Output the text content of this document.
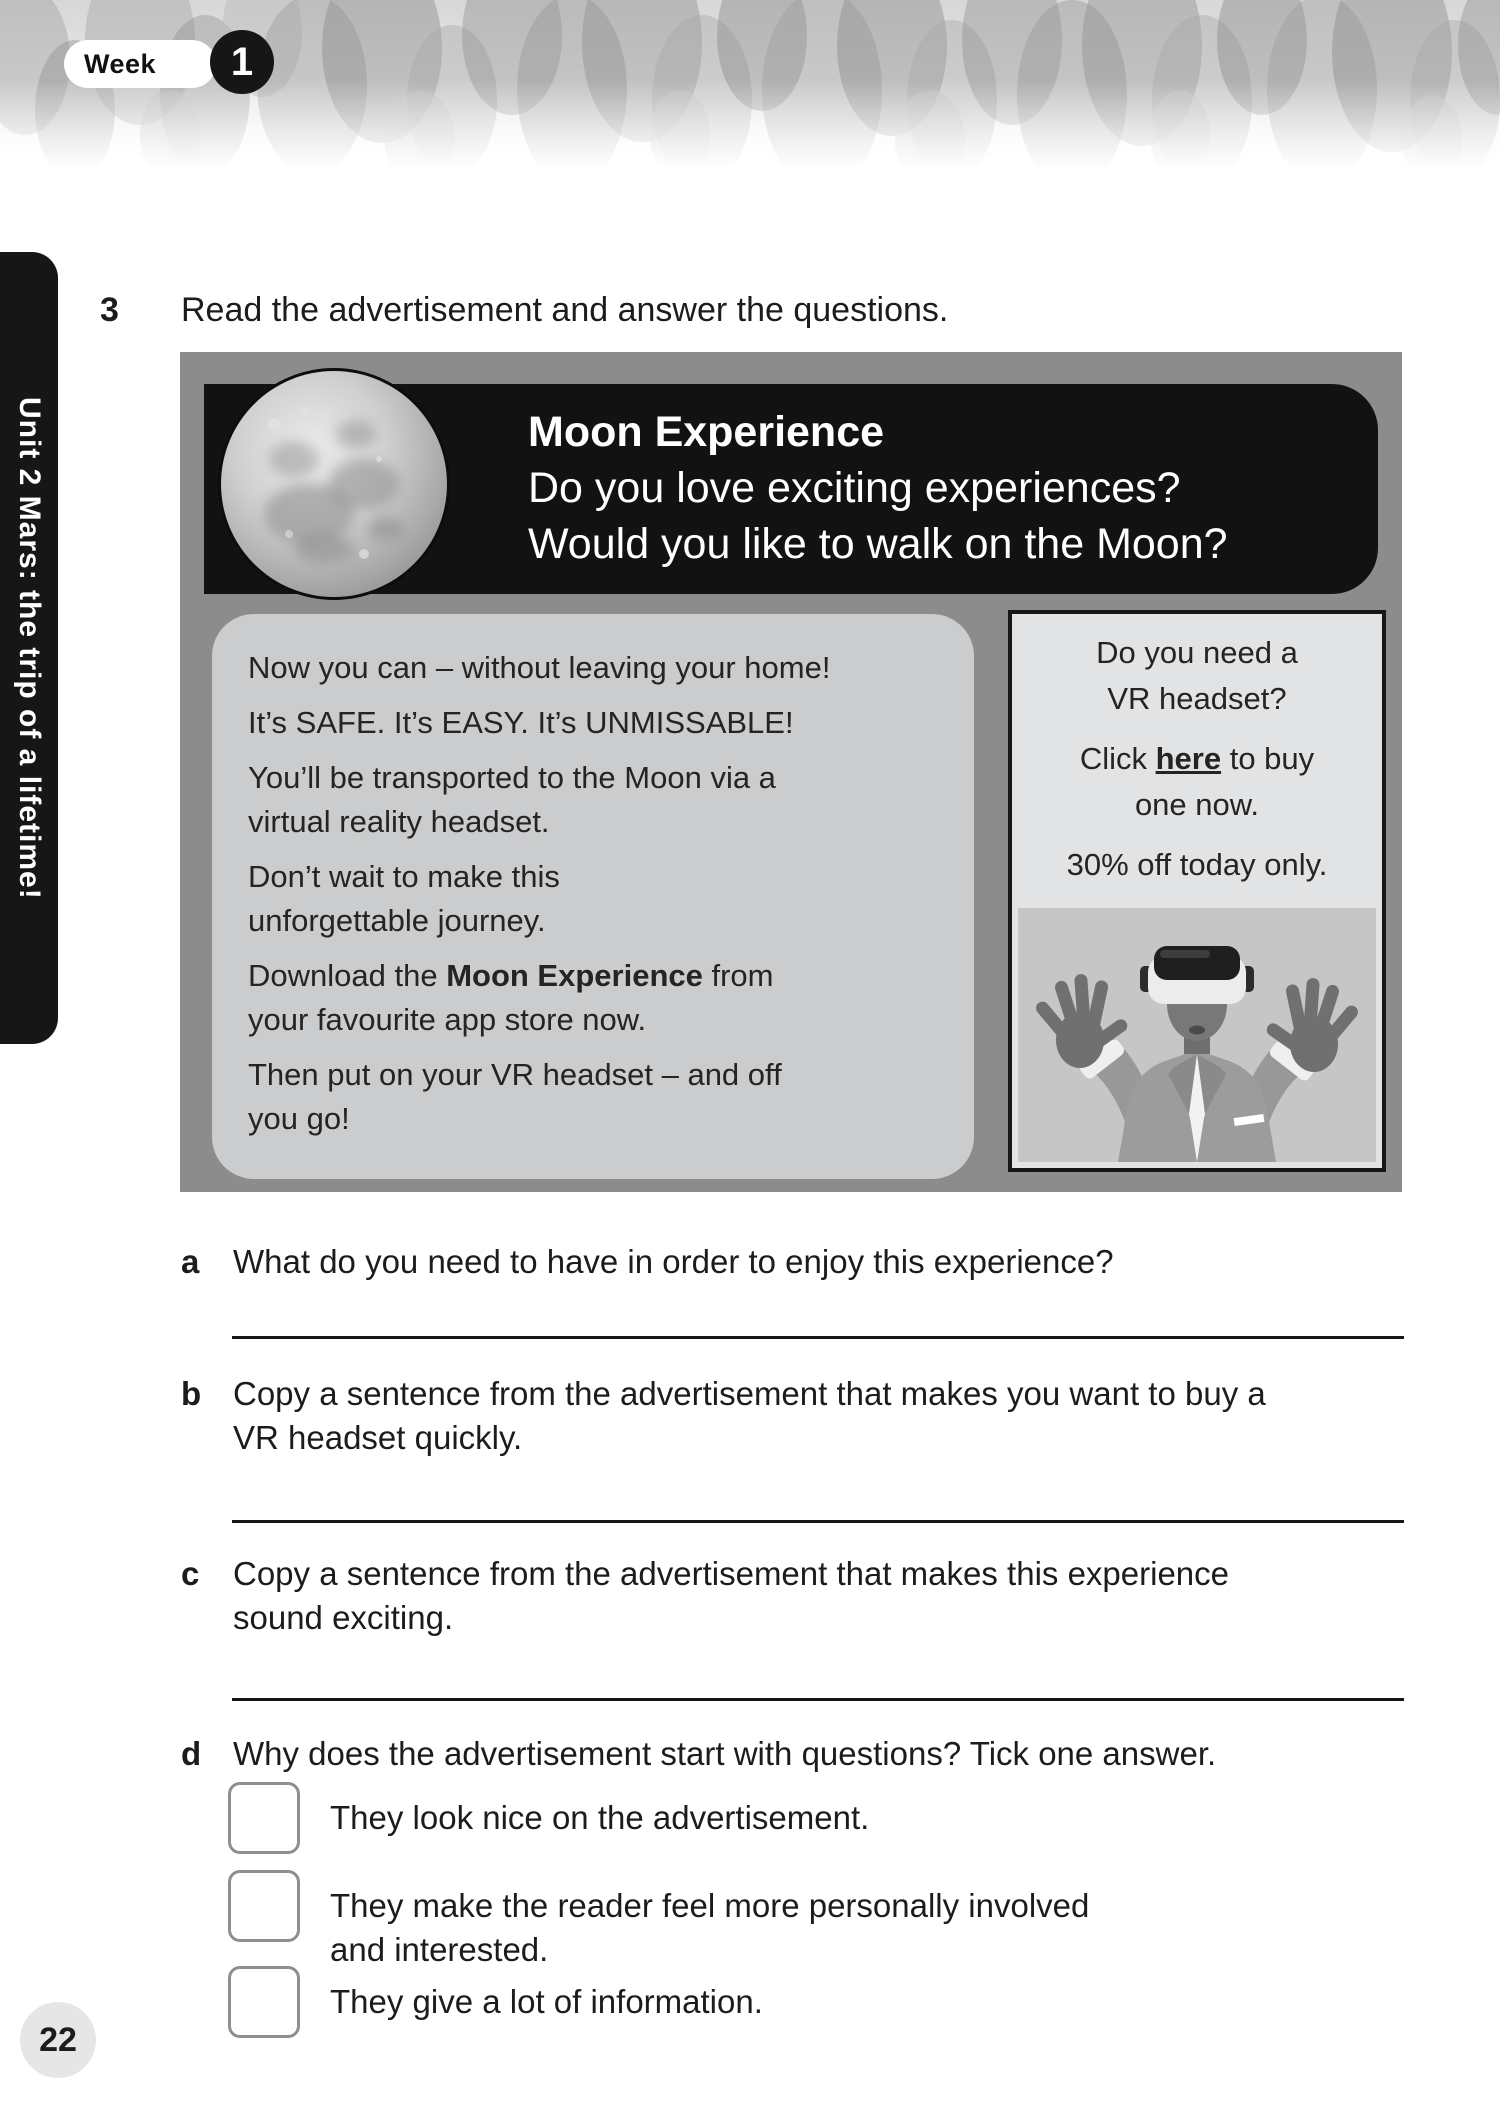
Week	1
Unit 2 Mars: the trip of a lifetime!
3 Read the advertisement and answer the questions.
Moon Experience
Do you love exciting experiences?
Would you like to walk on the Moon?

Now you can – without leaving your home!

It’s SAFE. It’s EASY. It’s UNMISSABLE!

You’ll be transported to the Moon via a
virtual reality headset.

Don’t wait to make this
unforgettable journey.

Download the Moon Experience from
your favourite app store now.

Then put on your VR headset – and off
you go!

Do you need a
VR headset?
Click here to buy
one now.
30% off today only.
a What do you need to have in order to enjoy this experience?
b Copy a sentence from the advertisement that makes you want to buy a
VR headset quickly.
c Copy a sentence from the advertisement that makes this experience
sound exciting.
d Why does the advertisement start with questions? Tick one answer.
They look nice on the advertisement.
They make the reader feel more personally involved
and interested.
They give a lot of information.
22
